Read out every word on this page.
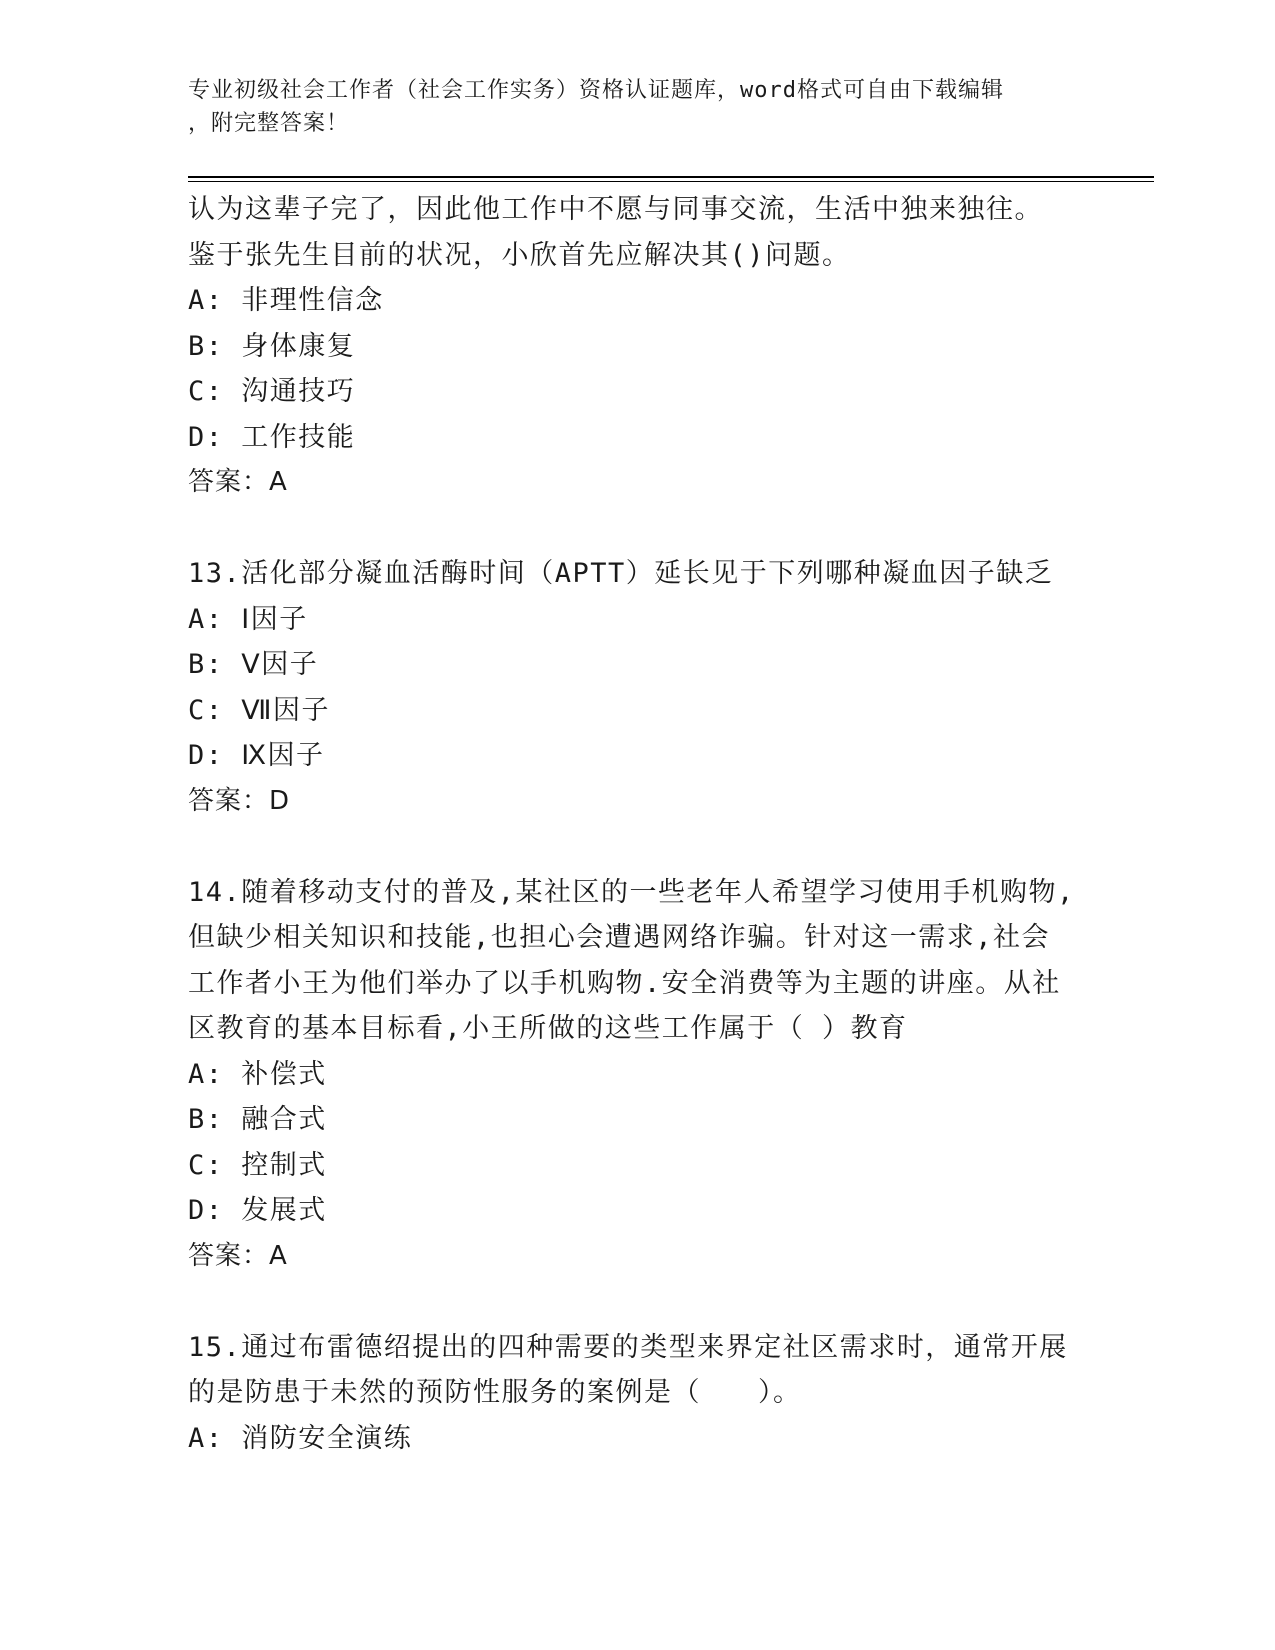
专业初级社会工作者（社会工作实务）资格认证题库，word格式可自由下载编辑
，附完整答案！
认为这辈子完了，因此他工作中不愿与同事交流，生活中独来独往。
鉴于张先生目前的状况，小欣首先应解决其()问题。
A: 非理性信念
B: 身体康复
C: 沟通技巧
D: 工作技能
答案：A
13.活化部分凝血活酶时间（APTT）延长见于下列哪种凝血因子缺乏
A: Ⅰ因子
B: Ⅴ因子
C: Ⅶ因子
D: Ⅸ因子
答案：D
14.随着移动支付的普及,某社区的一些老年人希望学习使用手机购物,
但缺少相关知识和技能,也担心会遭遇网络诈骗。针对这一需求,社会
工作者小王为他们举办了以手机购物.安全消费等为主题的讲座。从社
区教育的基本目标看,小王所做的这些工作属于（ ）教育
A: 补偿式
B: 融合式
C: 控制式
D: 发展式
答案：A
15.通过布雷德绍提出的四种需要的类型来界定社区需求时，通常开展
的是防患于未然的预防性服务的案例是（　　）。
A: 消防安全演练
